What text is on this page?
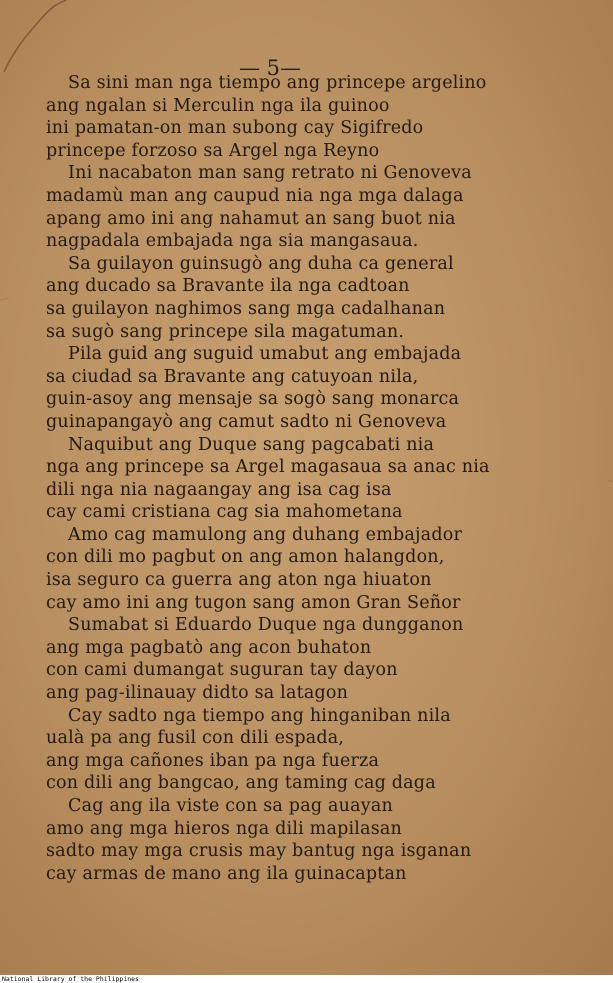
— 5—
Sa sini man nga tiempo ang princepe argelino
ang ngalan si Merculin nga ila guinoo
ini pamatan-on man subong cay Sigifredo
princepe forzoso sa Argel nga Reyno
Ini nacabaton man sang retrato ni Genoveva
madamù man ang caupud nia nga mga dalaga
apang amo ini ang nahamut an sang buot nia
nagpadala embajada nga sia mangasaua.
Sa guilayon guinsugò ang duha ca general
ang ducado sa Bravante ila nga cadtoan
sa guilayon naghimos sang mga cadalhanan
sa sugò sang princepe sila magatuman.
Pila guid ang suguid umabut ang embajada
sa ciudad sa Bravante ang catuyoan nila,
guin-asoy ang mensaje sa sogò sang monarca
guinapangayò ang camut sadto ni Genoveva
Naquibut ang Duque sang pagcabati nia
nga ang princepe sa Argel magasaua sa anac nia
dili nga nia nagaangay ang isa cag isa
cay cami cristiana cag sia mahometana
Amo cag mamulong ang duhang embajador
con dili mo pagbut on ang amon halangdon,
isa seguro ca guerra ang aton nga hiuaton
cay amo ini ang tugon sang amon Gran Señor
Sumabat si Eduardo Duque nga dungganon
ang mga pagbatò ang acon buhaton
con cami dumangat suguran tay dayon
ang pag-ilinauay didto sa latagon
Cay sadto nga tiempo ang hinganiban nila
ualà pa ang fusil con dili espada,
ang mga cañones iban pa nga fuerza
con dili ang bangcao, ang taming cag daga
Cag ang ila viste con sa pag auayan
amo ang mga hieros nga dili mapilasan
sadto may mga crusis may bantug nga isganan
cay armas de mano ang ila guinacaptan
National Library of the Philippines
